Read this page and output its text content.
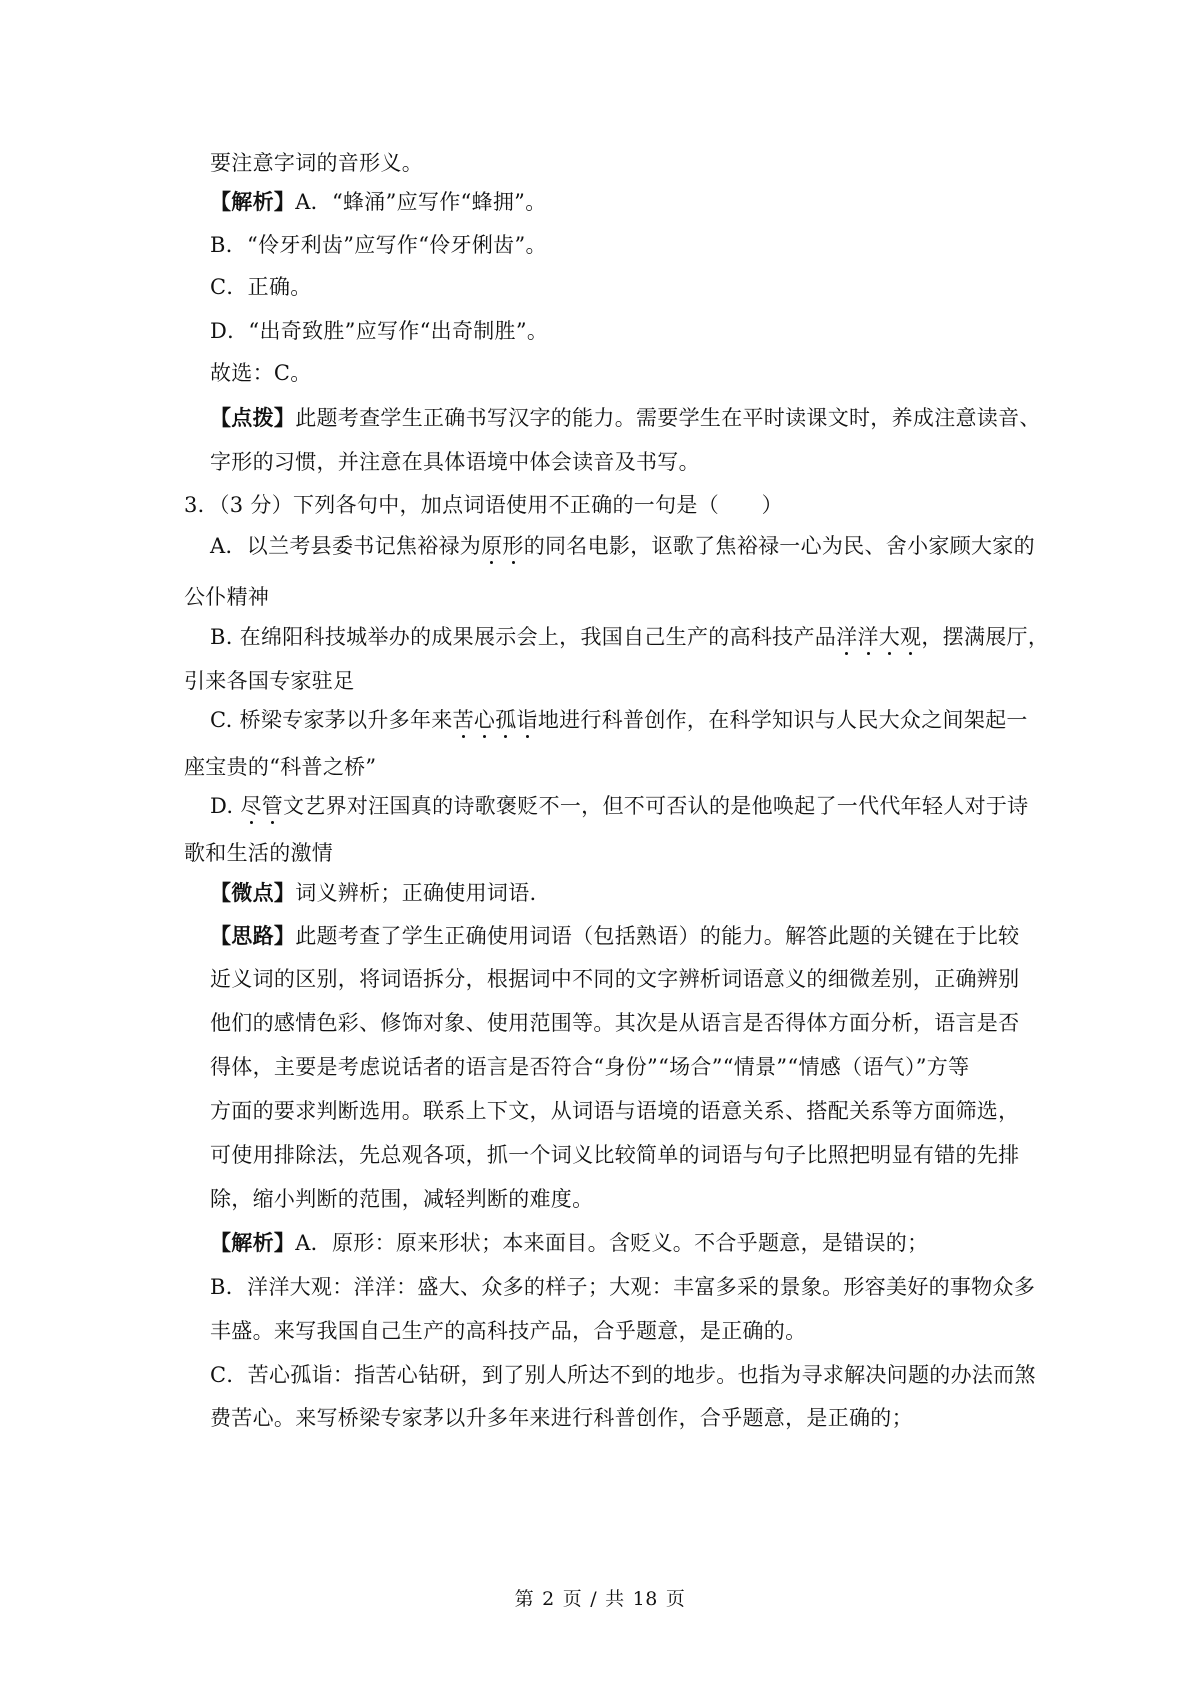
要注意字词的音形义。
【解析】A．“蜂涌”应写作“蜂拥”。
B．“伶牙利齿”应写作“伶牙俐齿”。
C．正确。
D．“出奇致胜”应写作“出奇制胜”。
故选：C。
【点拨】此题考查学生正确书写汉字的能力。需要学生在平时读课文时，养成注意读音、
字形的习惯，并注意在具体语境中体会读音及书写。
3．（3 分）下列各句中，加点词语使用不正确的一句是（　　）
A．以兰考县委书记焦裕禄为原形的同名电影，讴歌了焦裕禄一心为民、舍小家顾大家的
公仆精神
B. 在绵阳科技城举办的成果展示会上，我国自己生产的高科技产品洋洋大观，摆满展厅，
引来各国专家驻足
C. 桥梁专家茅以升多年来苦心孤诣地进行科普创作，在科学知识与人民大众之间架起一
座宝贵的“科普之桥”
D. 尽管文艺界对汪国真的诗歌褒贬不一，但不可否认的是他唤起了一代代年轻人对于诗
歌和生活的激情
【微点】词义辨析；正确使用词语.
【思路】此题考查了学生正确使用词语（包括熟语）的能力。解答此题的关键在于比较
近义词的区别，将词语拆分，根据词中不同的文字辨析词语意义的细微差别，正确辨别
他们的感情色彩、修饰对象、使用范围等。其次是从语言是否得体方面分析，语言是否
得体，主要是考虑说话者的语言是否符合“身份”“场合”“情景”“情感（语气）”方等
方面的要求判断选用。联系上下文，从词语与语境的语意关系、搭配关系等方面筛选，
可使用排除法，先总观各项，抓一个词义比较简单的词语与句子比照把明显有错的先排
除，缩小判断的范围，减轻判断的难度。
【解析】A．原形：原来形状；本来面目。含贬义。不合乎题意，是错误的；
B．洋洋大观：洋洋：盛大、众多的样子；大观：丰富多采的景象。形容美好的事物众多
丰盛。来写我国自己生产的高科技产品，合乎题意，是正确的。
C．苦心孤诣：指苦心钻研，到了别人所达不到的地步。也指为寻求解决问题的办法而煞
费苦心。来写桥梁专家茅以升多年来进行科普创作，合乎题意，是正确的；
第 2 页 / 共 18 页
